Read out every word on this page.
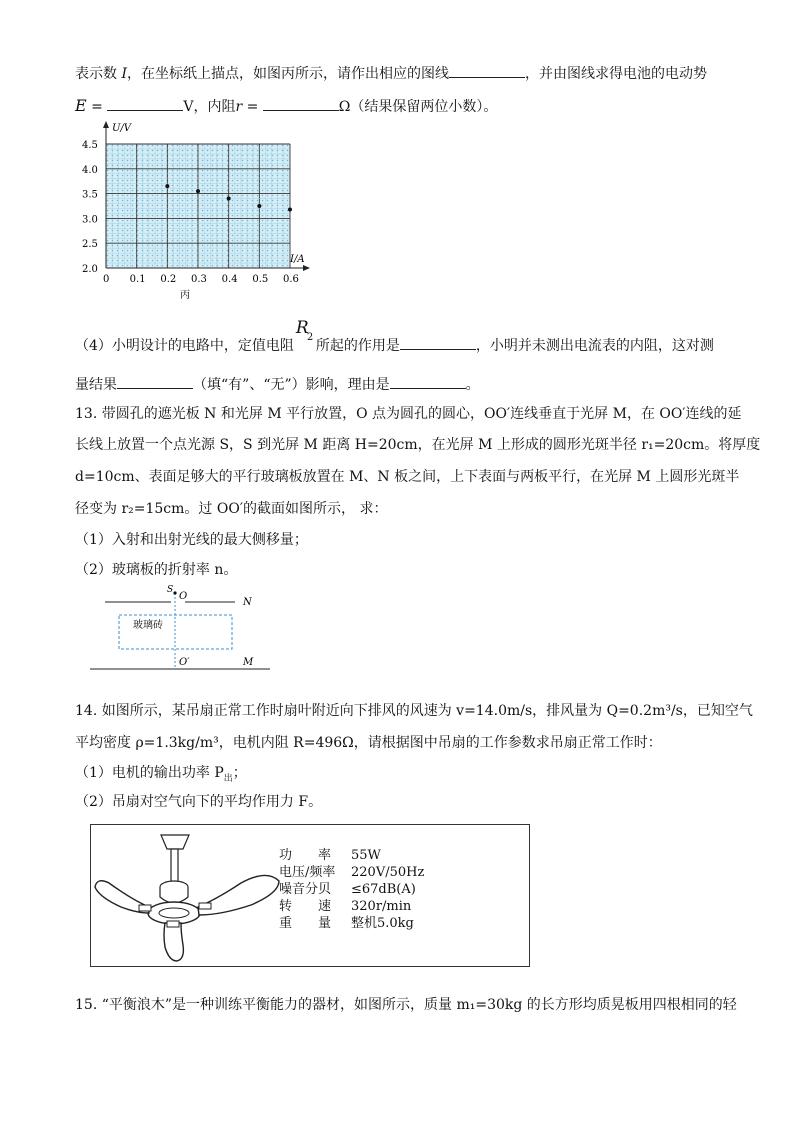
表示数 I，在坐标纸上描点，如图丙所示，请作出相应的图线	，并由图线求得电池的电动势
E =	V，内阻r =	Ω（结果保留两位小数）。
U/V
I/A
4.5
4.0
3.5
3.0
2.5
2.0
0 0.1 0.2 0.3 0.4 0.5 0.6
丙
（4）小明设计的电路中，定值电阻
R
2
所起的作用是	，小明并未测出电流表的内阻，这对测
量结果	（填“有”、“无”）影响，理由是	。
13. 带圆孔的遮光板 N 和光屏 M 平行放置，O 点为圆孔的圆心，OO′连线垂直于光屏 M，在 OO′连线的延
长线上放置一个点光源 S，S 到光屏 M 距离 H=20cm，在光屏 M 上形成的圆形光斑半径 r₁=20cm。将厚度
d=10cm、表面足够大的平行玻璃板放置在 M、N 板之间，上下表面与两板平行，在光屏 M 上圆形光斑半
径变为 r₂=15cm。过 OO′的截面如图所示， 求：
（1）入射和出射光线的最大侧移量；
（2）玻璃板的折射率 n。
S
O
N
玻璃砖
O′	M
14. 如图所示，某吊扇正常工作时扇叶附近向下排风的风速为 v=14.0m/s，排风量为 Q=0.2m³/s，已知空气
平均密度 ρ=1.3kg/m³，电机内阻 R=496Ω，请根据图中吊扇的工作参数求吊扇正常工作时：
（1）电机的输出功率 $P_出$；
（2）吊扇对空气向下的平均作用力 F。
功　　率 55W
电压/频率 220V/50Hz
噪音分贝 ≤67dB(A)
转　　速 320r/min
重　　量 整机5.0kg
15. “平衡浪木”是一种训练平衡能力的器材，如图所示，质量 m₁=30kg 的长方形均质晃板用四根相同的轻
